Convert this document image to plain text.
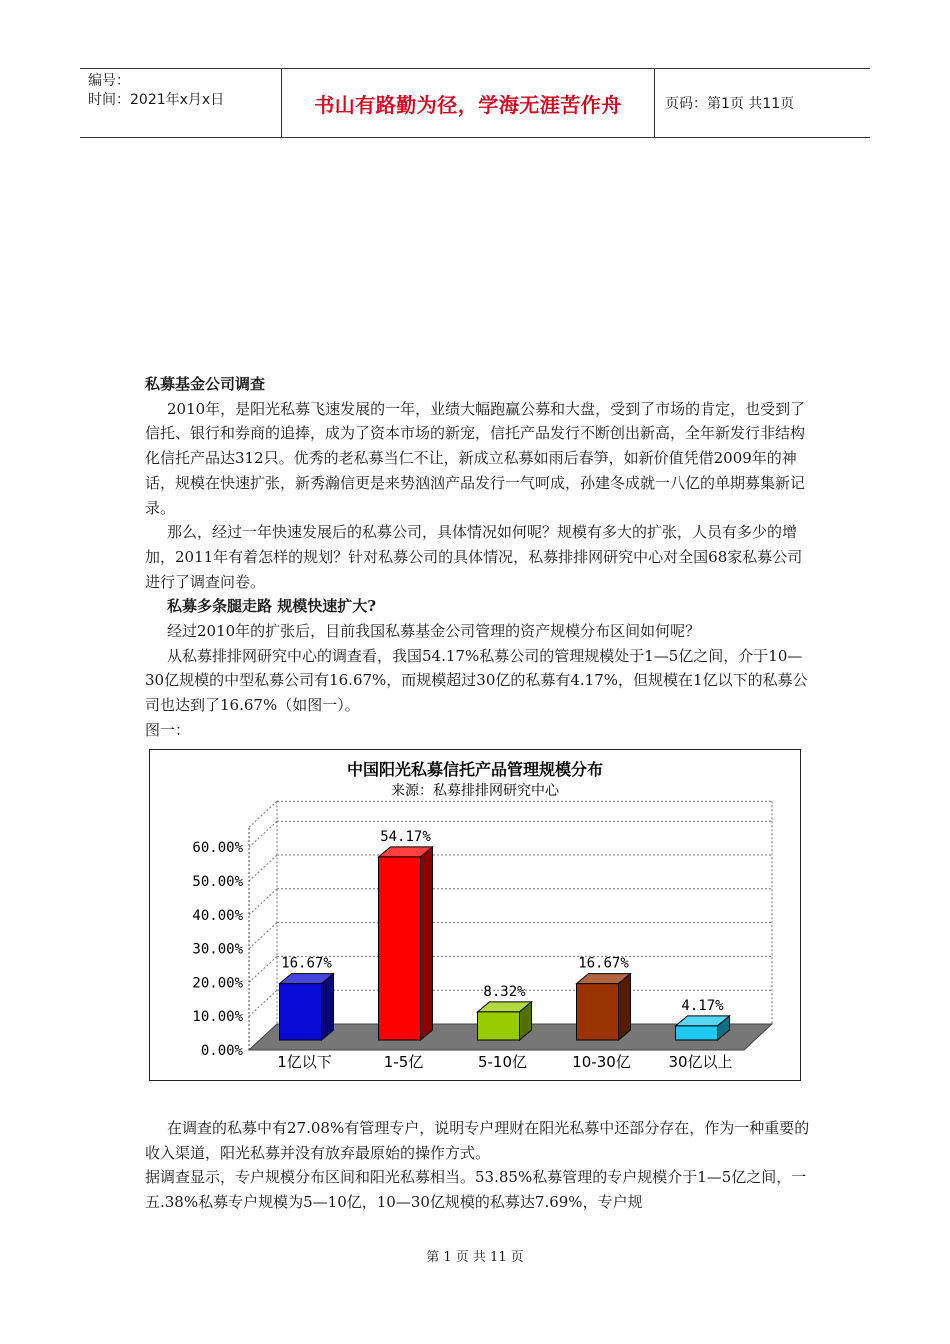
编号：
时间：2021年x月x日	书山有路勤为径，学海无涯苦作舟	页码：第1页 共11页

私募基金公司调查

2010年，是阳光私募飞速发展的一年，业绩大幅跑赢公募和大盘，受到了市场的肯定，也受到了信托、银行和券商的追捧，成为了资本市场的新宠，信托产品发行不断创出新高，全年新发行非结构化信托产品达312只。优秀的老私募当仁不让，新成立私募如雨后春笋，如新价值凭借2009年的神话，规模在快速扩张，新秀瀚信更是来势汹汹产品发行一气呵成，孙建冬成就一八亿的单期募集新记录。

那么，经过一年快速发展后的私募公司，具体情况如何呢？规模有多大的扩张，人员有多少的增加，2011年有着怎样的规划？针对私募公司的具体情况，私募排排网研究中心对全国68家私募公司进行了调查问卷。

私募多条腿走路 规模快速扩大?

经过2010年的扩张后，目前我国私募基金公司管理的资产规模分布区间如何呢？

从私募排排网研究中心的调查看，我国54.17%私募公司的管理规模处于1—5亿之间，介于10—30亿规模的中型私募公司有16.67%，而规模超过30亿的私募有4.17%，但规模在1亿以下的私募公司也达到了16.67%（如图一）。

图一：

中国阳光私募信托产品管理规模分布
来源：私募排排网研究中心
0.00%
10.00%
20.00%
30.00%
40.00%
50.00%
60.00%
16.67%
1亿以下
54.17%
1-5亿
8.32%
5-10亿
16.67%
10-30亿
4.17%
30亿以上

在调查的私募中有27.08%有管理专户，说明专户理财在阳光私募中还部分存在，作为一种重要的收入渠道，阳光私募并没有放弃最原始的操作方式。

据调查显示，专户规模分布区间和阳光私募相当。53.85%私募管理的专户规模介于1—5亿之间，一五.38%私募专户规模为5—10亿，10—30亿规模的私募达7.69%，专户规

第 1 页 共 11 页
